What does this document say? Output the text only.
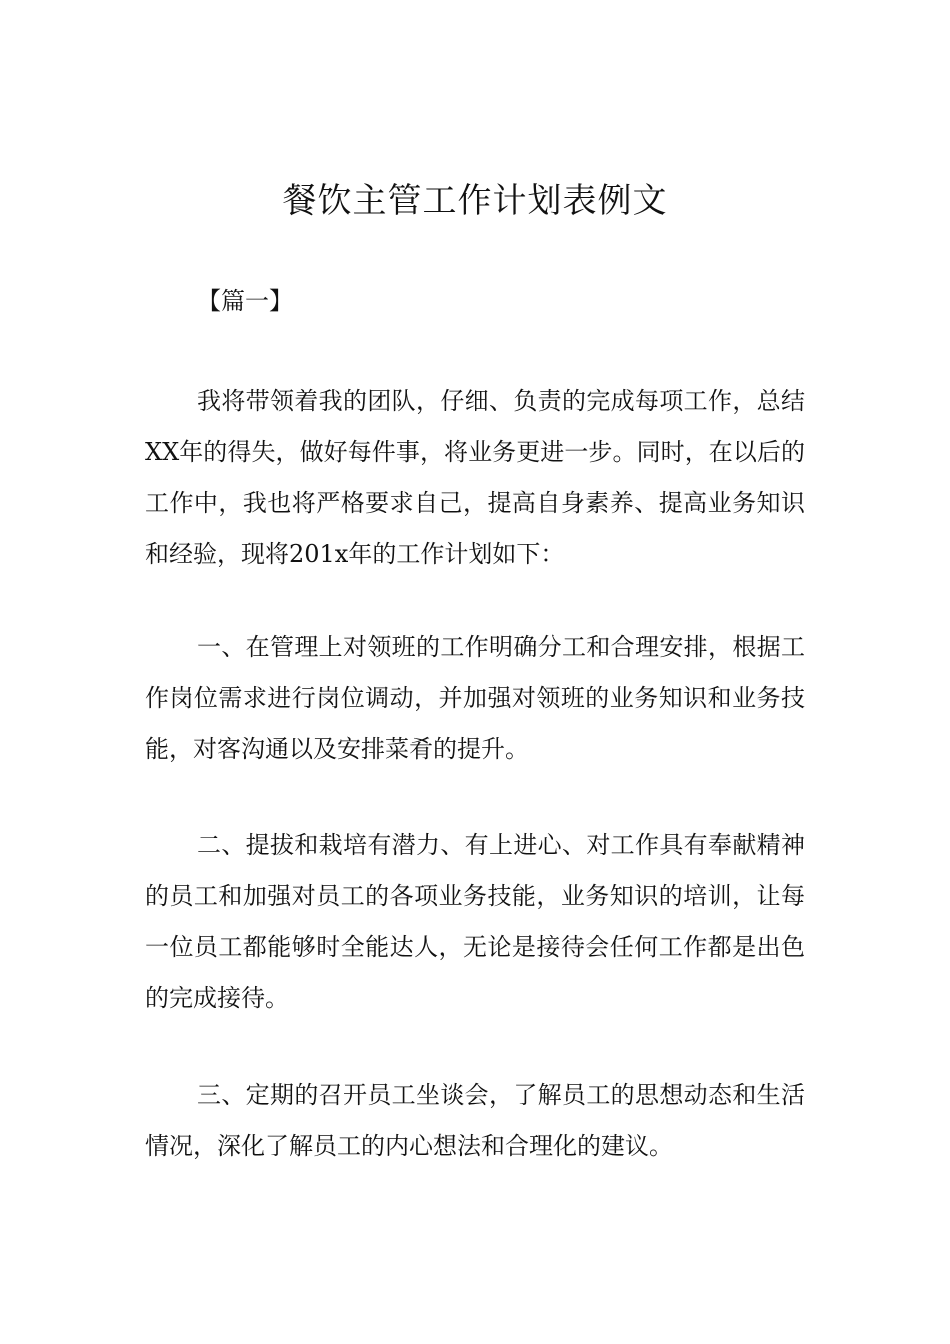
餐饮主管工作计划表例文

【篇一】

我将带领着我的团队，仔细、负责的完成每项工作，总结XX年的得失，做好每件事，将业务更进一步。同时，在以后的工作中，我也将严格要求自己，提高自身素养、提高业务知识和经验，现将201x年的工作计划如下：

一、在管理上对领班的工作明确分工和合理安排，根据工作岗位需求进行岗位调动，并加强对领班的业务知识和业务技能，对客沟通以及安排菜肴的提升。

二、提拔和栽培有潜力、有上进心、对工作具有奉献精神的员工和加强对员工的各项业务技能，业务知识的培训，让每一位员工都能够时全能达人，无论是接待会任何工作都是出色的完成接待。

三、定期的召开员工坐谈会，了解员工的思想动态和生活情况，深化了解员工的内心想法和合理化的建议。
